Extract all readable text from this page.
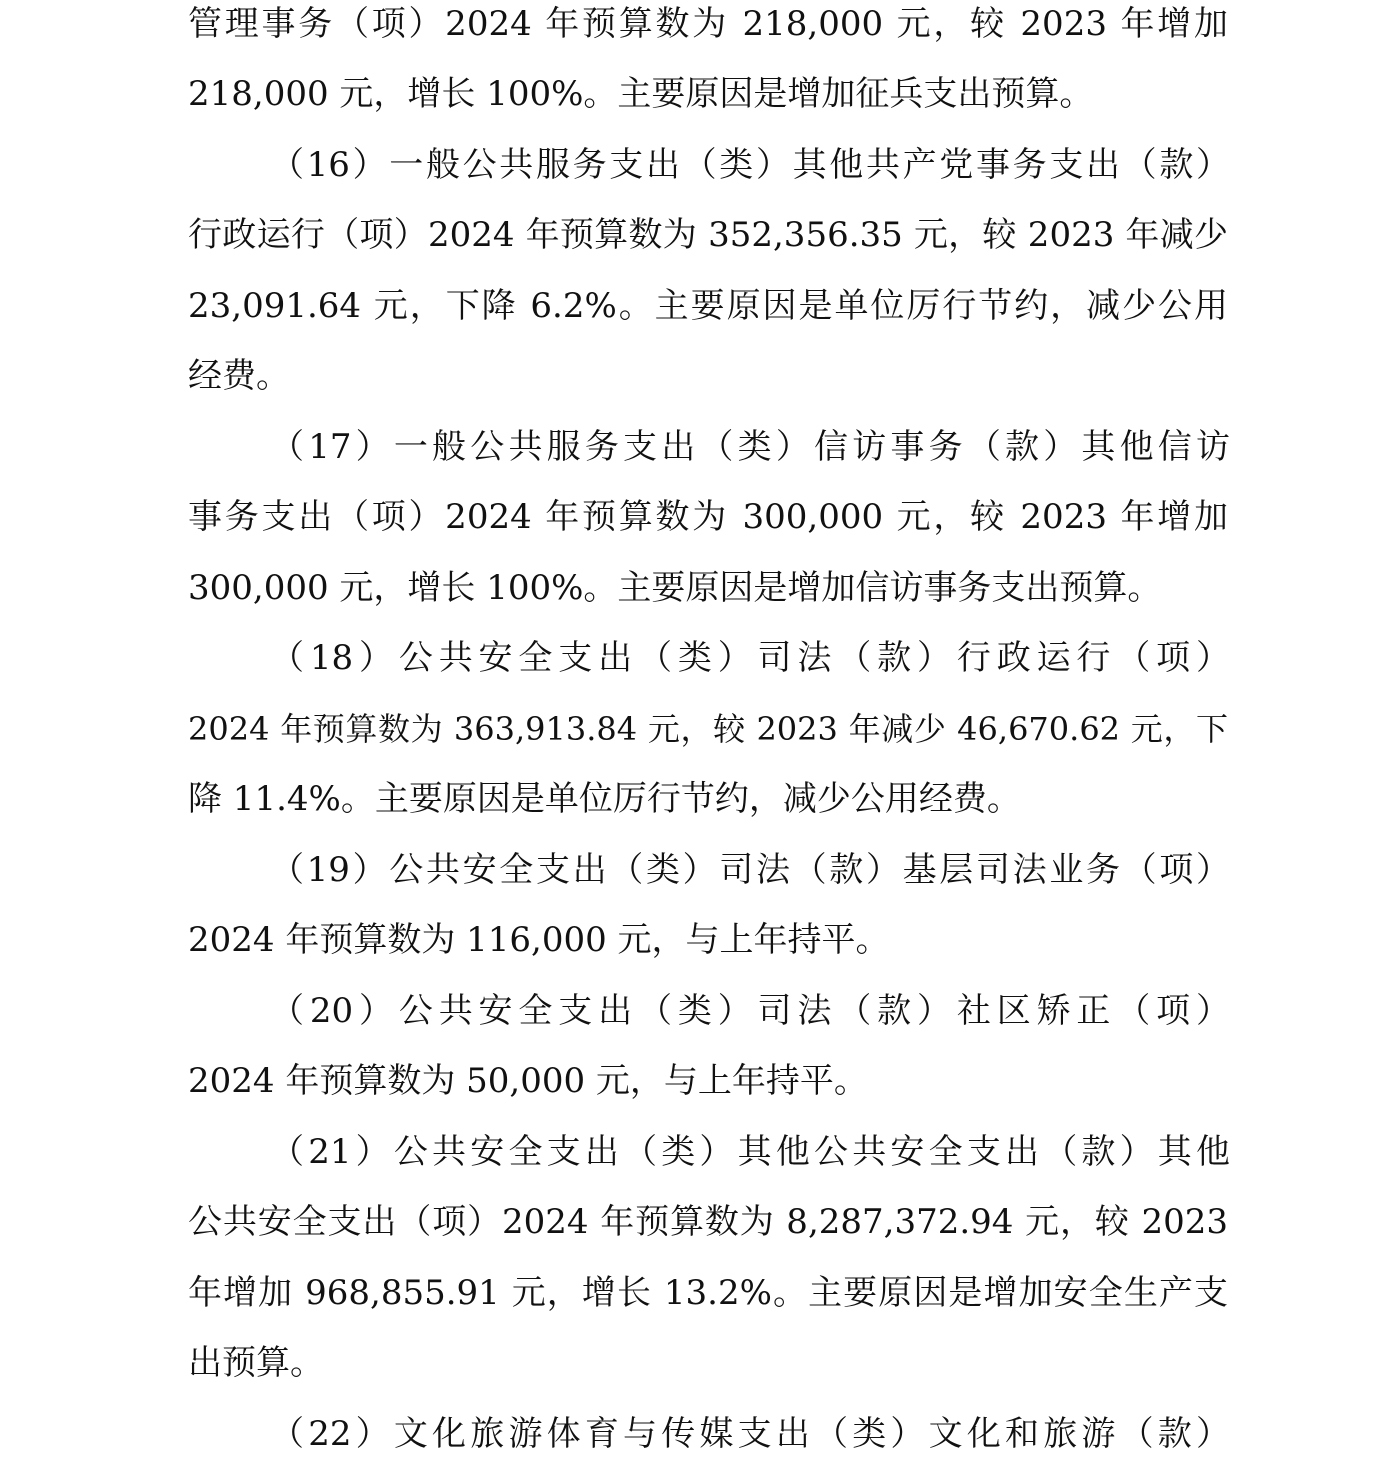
管理事务（项）2024 年预算数为 218,000 元，较 2023 年增加
218,000 元，增长 100%。主要原因是增加征兵支出预算。
（16）一般公共服务支出（类）其他共产党事务支出（款）
行政运行（项）2024 年预算数为 352,356.35 元，较 2023 年减少
23,091.64 元，下降 6.2%。主要原因是单位厉行节约，减少公用
经费。
（17）一般公共服务支出（类）信访事务（款）其他信访
事务支出（项）2024 年预算数为 300,000 元，较 2023 年增加
300,000 元，增长 100%。主要原因是增加信访事务支出预算。
（18）公共安全支出（类）司法（款）行政运行（项）
2024 年预算数为 363,913.84 元，较 2023 年减少 46,670.62 元，下
降 11.4%。主要原因是单位厉行节约，减少公用经费。
（19）公共安全支出（类）司法（款）基层司法业务（项）
2024 年预算数为 116,000 元，与上年持平。
（20）公共安全支出（类）司法（款）社区矫正（项）
2024 年预算数为 50,000 元，与上年持平。
（21）公共安全支出（类）其他公共安全支出（款）其他
公共安全支出（项）2024 年预算数为 8,287,372.94 元，较 2023
年增加 968,855.91 元，增长 13.2%。主要原因是增加安全生产支
出预算。
（22）文化旅游体育与传媒支出（类）文化和旅游（款）
